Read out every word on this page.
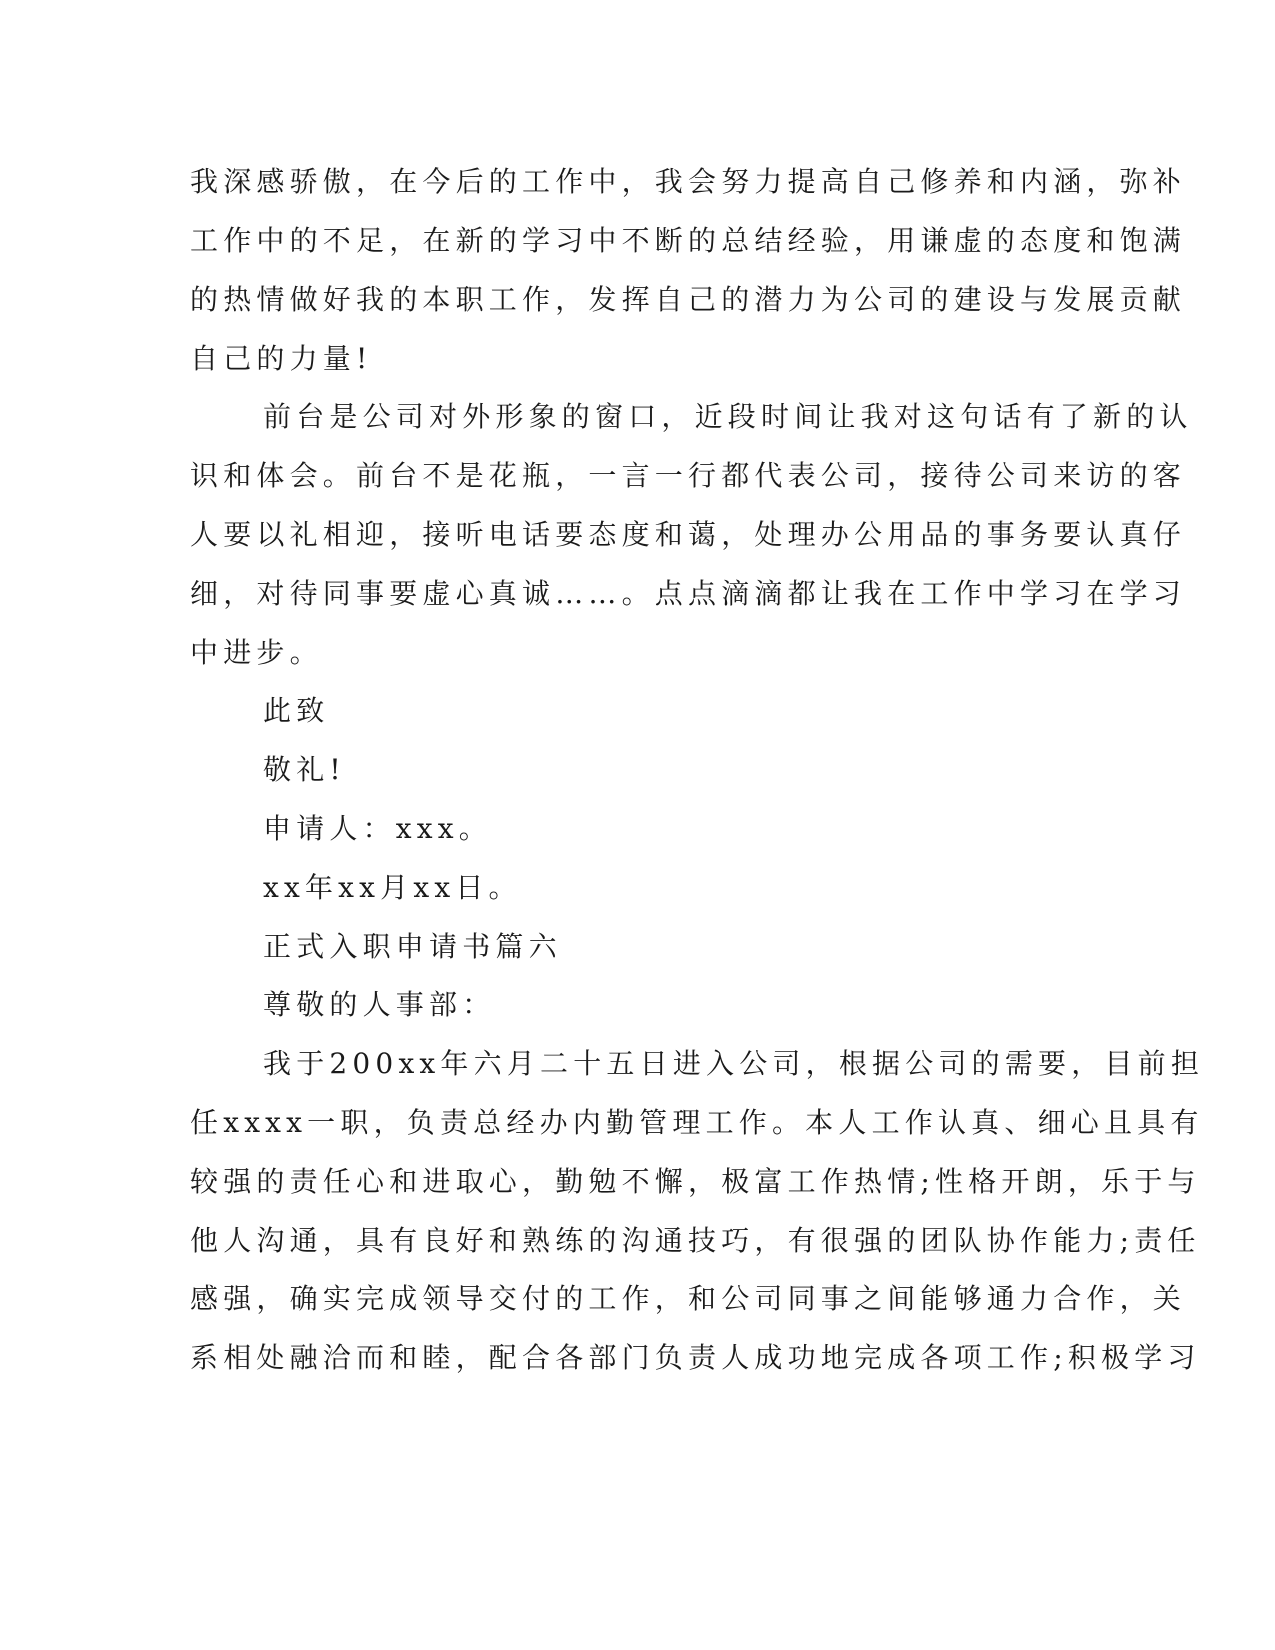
我深感骄傲，在今后的工作中，我会努力提高自己修养和内涵，弥补
工作中的不足，在新的学习中不断的总结经验，用谦虚的态度和饱满
的热情做好我的本职工作，发挥自己的潜力为公司的建设与发展贡献
自己的力量!
前台是公司对外形象的窗口，近段时间让我对这句话有了新的认
识和体会。前台不是花瓶，一言一行都代表公司，接待公司来访的客
人要以礼相迎，接听电话要态度和蔼，处理办公用品的事务要认真仔
细，对待同事要虚心真诚……。点点滴滴都让我在工作中学习在学习
中进步。
此致
敬礼!
申请人：xxx。
xx年xx月xx日。
正式入职申请书篇六
尊敬的人事部：
我于200xx年六月二十五日进入公司，根据公司的需要，目前担
任xxxx一职，负责总经办内勤管理工作。本人工作认真、细心且具有
较强的责任心和进取心，勤勉不懈，极富工作热情;性格开朗，乐于与
他人沟通，具有良好和熟练的沟通技巧，有很强的团队协作能力;责任
感强，确实完成领导交付的工作，和公司同事之间能够通力合作，关
系相处融洽而和睦，配合各部门负责人成功地完成各项工作;积极学习
